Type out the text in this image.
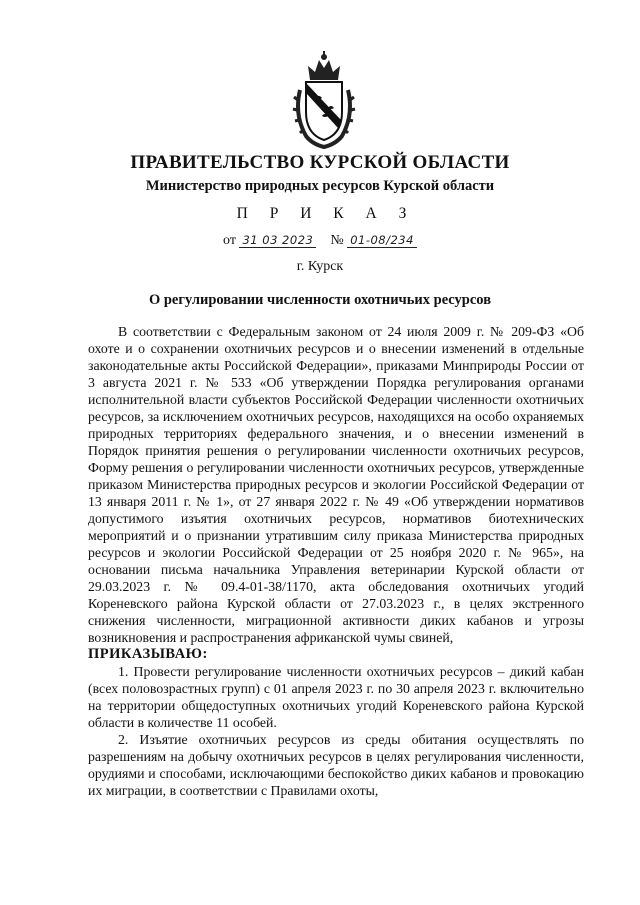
ПРАВИТЕЛЬСТВО КУРСКОЙ ОБЛАСТИ
Министерство природных ресурсов Курской области
П Р И К А З
от 31 03 2023 № 01-08/234
г. Курск
О регулировании численности охотничьих ресурсов

В соответствии с Федеральным законом от 24 июля 2009 г. № 209-ФЗ «Об охоте и о сохранении охотничьих ресурсов и о внесении изменений в отдельные законодательные акты Российской Федерации», приказами Минприроды России от 3 августа 2021 г. № 533 «Об утверждении Порядка регулирования органами исполнительной власти субъектов Российской Федерации численности охотничьих ресурсов, за исключением охотничьих ресурсов, находящихся на особо охраняемых природных территориях федерального значения, и о внесении изменений в Порядок принятия решения о регулировании численности охотничьих ресурсов, Форму решения о регулировании численности охотничьих ресурсов, утвержденные приказом Министерства природных ресурсов и экологии Российской Федерации от 13 января 2011 г. № 1», от 27 января 2022 г. № 49 «Об утверждении нормативов допустимого изъятия охотничьих ресурсов, нормативов биотехнических мероприятий и о признании утратившим силу приказа Министерства природных ресурсов и экологии Российской Федерации от 25 ноября 2020 г. № 965», на основании письма начальника Управления ветеринарии Курской области от 29.03.2023 г. № 09.4-01-38/1170, акта обследования охотничьих угодий Кореневского района Курской области от 27.03.2023 г., в целях экстренного снижения численности, миграционной активности диких кабанов и угрозы возникновения и распространения африканской чумы свиней,

ПРИКАЗЫВАЮ:

1. Провести регулирование численности охотничьих ресурсов – дикий кабан (всех половозрастных групп) с 01 апреля 2023 г. по 30 апреля 2023 г. включительно на территории общедоступных охотничьих угодий Кореневского района Курской области в количестве 11 особей.

2. Изъятие охотничьих ресурсов из среды обитания осуществлять по разрешениям на добычу охотничьих ресурсов в целях регулирования численности, орудиями и способами, исключающими беспокойство диких кабанов и провокацию их миграции, в соответствии с Правилами охоты,
